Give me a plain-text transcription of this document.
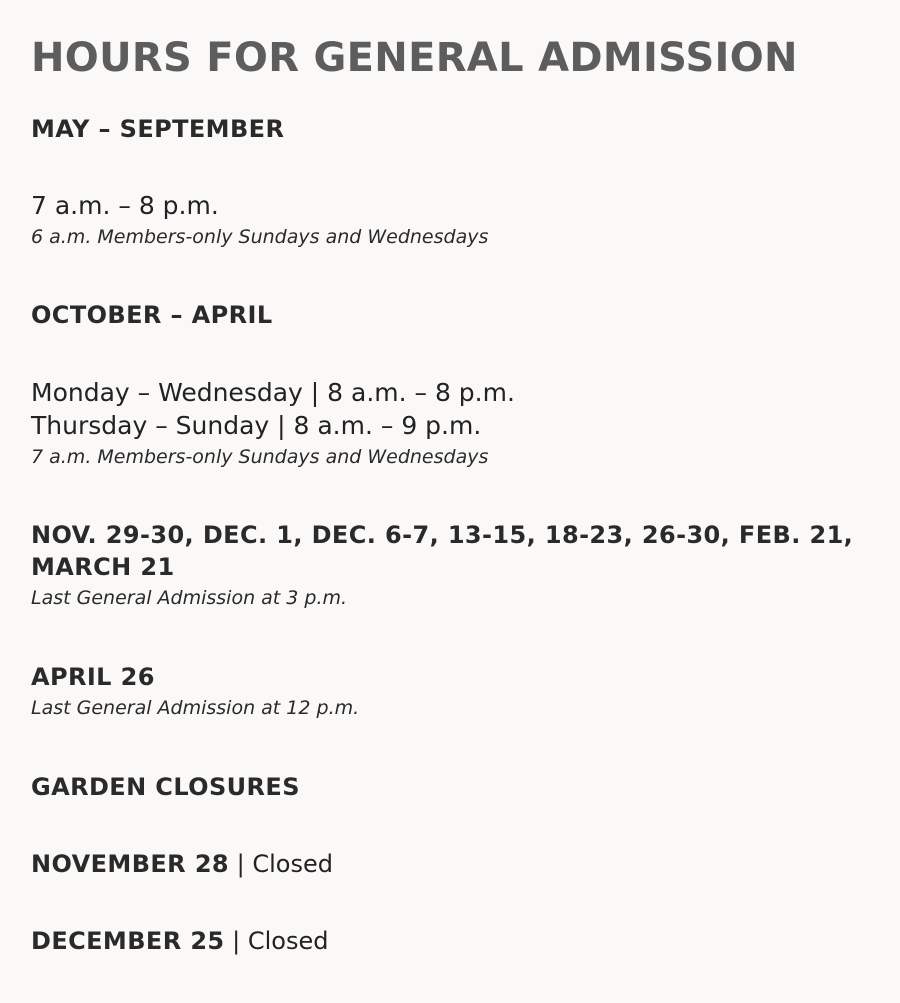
HOURS FOR GENERAL ADMISSION
MAY – SEPTEMBER

7 a.m. – 8 p.m.

6 a.m. Members-only Sundays and Wednesdays

OCTOBER – APRIL

Monday – Wednesday | 8 a.m. – 8 p.m.

Thursday – Sunday | 8 a.m. – 9 p.m.

7 a.m. Members-only Sundays and Wednesdays

NOV. 29-30, DEC. 1, DEC. 6-7, 13-15, 18-23, 26-30, FEB. 21, MARCH 21

Last General Admission at 3 p.m.

APRIL 26

Last General Admission at 12 p.m.

GARDEN CLOSURES

NOVEMBER 28 | Closed

DECEMBER 25 | Closed
